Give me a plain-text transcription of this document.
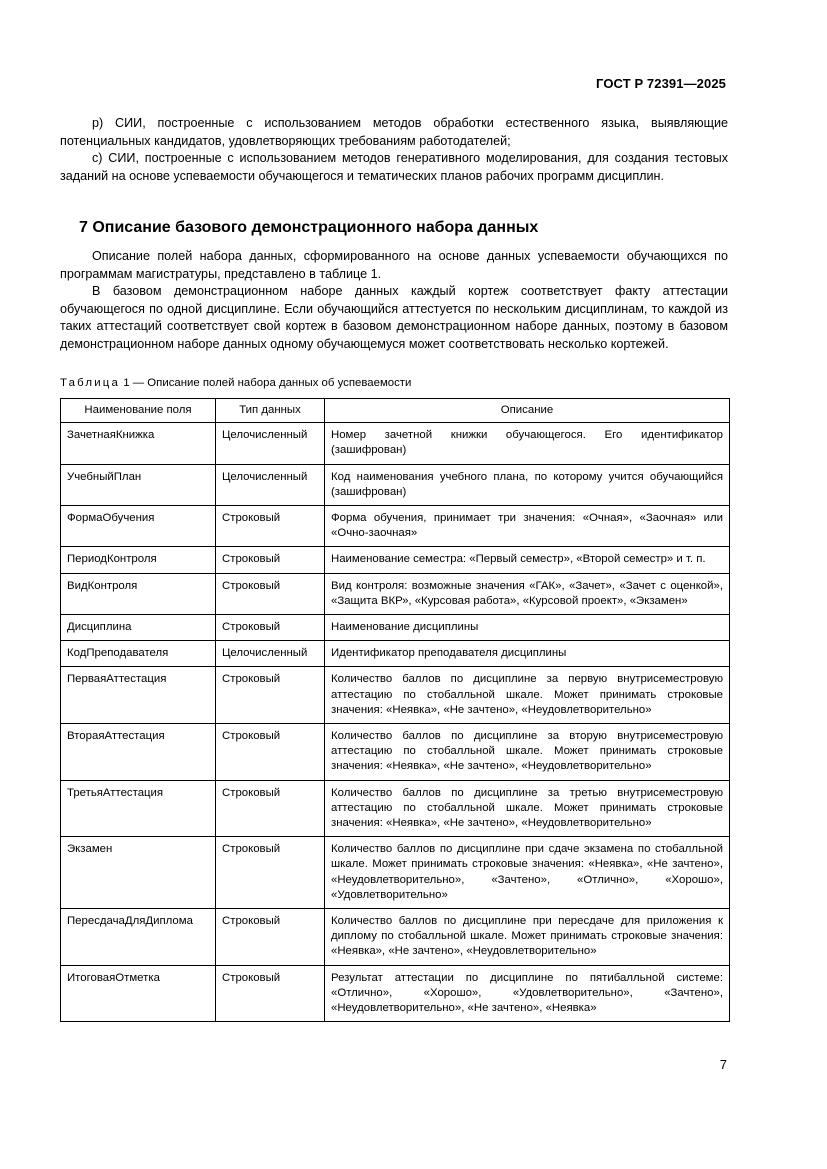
ГОСТ Р 72391—2025

р) СИИ, построенные с использованием методов обработки естественного языка, выявляющие потенциальных кандидатов, удовлетворяющих требованиям работодателей;

с) СИИ, построенные с использованием методов генеративного моделирования, для создания тестовых заданий на основе успеваемости обучающегося и тематических планов рабочих программ дисциплин.

7 Описание базового демонстрационного набора данных

Описание полей набора данных, сформированного на основе данных успеваемости обучающихся по программам магистратуры, представлено в таблице 1.

В базовом демонстрационном наборе данных каждый кортеж соответствует факту аттестации обучающегося по одной дисциплине. Если обучающийся аттестуется по нескольким дисциплинам, то каждой из таких аттестаций соответствует свой кортеж в базовом демонстрационном наборе данных, поэтому в базовом демонстрационном наборе данных одному обучающемуся может соответствовать несколько кортежей.

Таблица 1 — Описание полей набора данных об успеваемости
Наименование поля	Тип данных	Описание
ЗачетнаяКнижка	Целочисленный	Номер зачетной книжки обучающегося. Его идентификатор (зашифрован)
УчебныйПлан	Целочисленный	Код наименования учебного плана, по которому учится обучающийся (зашифрован)
ФормаОбучения	Строковый	Форма обучения, принимает три значения: «Очная», «Заочная» или «Очно-заочная»
ПериодКонтроля	Строковый	Наименование семестра: «Первый семестр», «Второй семестр» и т. п.
ВидКонтроля	Строковый	Вид контроля: возможные значения «ГАК», «Зачет», «Зачет с оценкой», «Защита ВКР», «Курсовая работа», «Курсовой проект», «Экзамен»
Дисциплина	Строковый	Наименование дисциплины
КодПреподавателя	Целочисленный	Идентификатор преподавателя дисциплины
ПерваяАттестация	Строковый	Количество баллов по дисциплине за первую внутрисеместровую аттестацию по стобалльной шкале. Может принимать строковые значения: «Неявка», «Не зачтено», «Неудовлетворительно»
ВтораяАттестация	Строковый	Количество баллов по дисциплине за вторую внутрисеместровую аттестацию по стобалльной шкале. Может принимать строковые значения: «Неявка», «Не зачтено», «Неудовлетворительно»
ТретьяАттестация	Строковый	Количество баллов по дисциплине за третью внутрисеместровую аттестацию по стобалльной шкале. Может принимать строковые значения: «Неявка», «Не зачтено», «Неудовлетворительно»
Экзамен	Строковый	Количество баллов по дисциплине при сдаче экзамена по стобалльной шкале. Может принимать строковые значения: «Неявка», «Не зачтено», «Неудовлетворительно», «Зачтено», «Отлично», «Хорошо», «Удовлетворительно»
ПересдачаДляДиплома	Строковый	Количество баллов по дисциплине при пересдаче для приложения к диплому по стобалльной шкале. Может принимать строковые значения: «Неявка», «Не зачтено», «Неудовлетворительно»
ИтоговаяОтметка	Строковый	Результат аттестации по дисциплине по пятибалльной системе: «Отлично», «Хорошо», «Удовлетворительно», «Зачтено», «Неудовлетворительно», «Не зачтено», «Неявка»
7
